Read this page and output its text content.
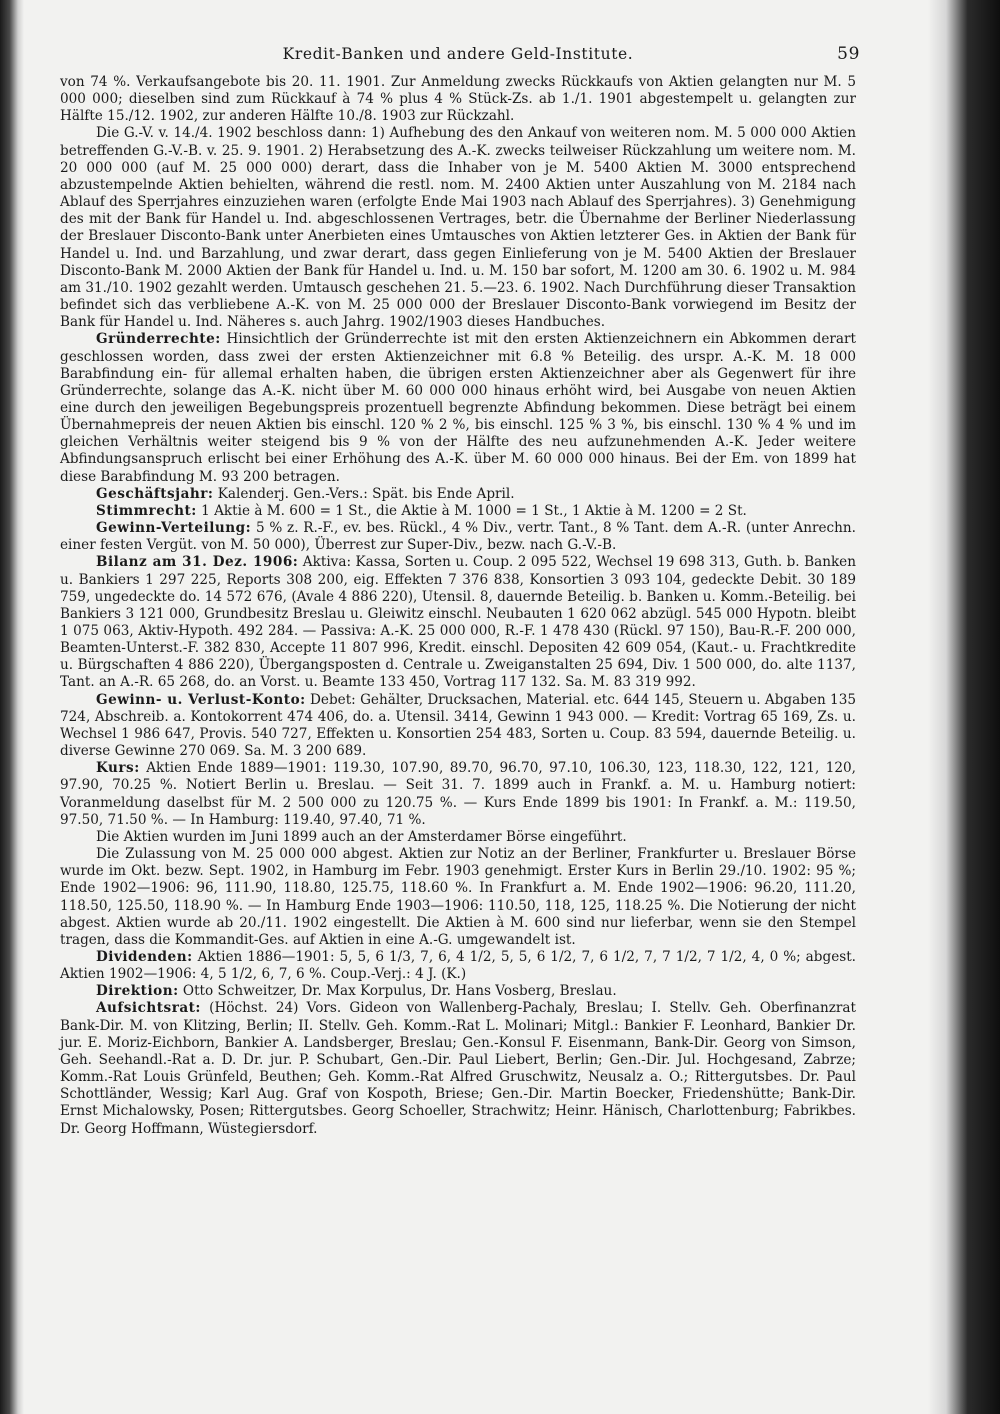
Kredit-Banken und andere Geld-Institute.	59

von 74 %. Verkaufsangebote bis 20. 11. 1901. Zur Anmeldung zwecks Rückkaufs von Aktien gelangten nur M. 5 000 000; dieselben sind zum Rückkauf à 74 % plus 4 % Stück-Zs. ab 1./1. 1901 abgestempelt u. gelangten zur Hälfte 15./12. 1902, zur anderen Hälfte 10./8. 1903 zur Rückzahl.

Die G.-V. v. 14./4. 1902 beschloss dann: 1) Aufhebung des den Ankauf von weiteren nom. M. 5 000 000 Aktien betreffenden G.-V.-B. v. 25. 9. 1901. 2) Herabsetzung des A.-K. zwecks teilweiser Rückzahlung um weitere nom. M. 20 000 000 (auf M. 25 000 000) derart, dass die Inhaber von je M. 5400 Aktien M. 3000 entsprechend abzustempelnde Aktien behielten, während die restl. nom. M. 2400 Aktien unter Auszahlung von M. 2184 nach Ablauf des Sperrjahres einzuziehen waren (erfolgte Ende Mai 1903 nach Ablauf des Sperrjahres). 3) Genehmigung des mit der Bank für Handel u. Ind. abgeschlossenen Vertrages, betr. die Übernahme der Berliner Niederlassung der Breslauer Disconto-Bank unter Anerbieten eines Umtausches von Aktien letzterer Ges. in Aktien der Bank für Handel u. Ind. und Barzahlung, und zwar derart, dass gegen Einlieferung von je M. 5400 Aktien der Breslauer Disconto-Bank M. 2000 Aktien der Bank für Handel u. Ind. u. M. 150 bar sofort, M. 1200 am 30. 6. 1902 u. M. 984 am 31./10. 1902 gezahlt werden. Umtausch geschehen 21. 5.—23. 6. 1902. Nach Durchführung dieser Transaktion befindet sich das verbliebene A.-K. von M. 25 000 000 der Breslauer Disconto-Bank vorwiegend im Besitz der Bank für Handel u. Ind. Näheres s. auch Jahrg. 1902/1903 dieses Handbuches.

Gründerrechte: Hinsichtlich der Gründerrechte ist mit den ersten Aktienzeichnern ein Abkommen derart geschlossen worden, dass zwei der ersten Aktienzeichner mit 6.8 % Beteilig. des urspr. A.-K. M. 18 000 Barabfindung ein- für allemal erhalten haben, die übrigen ersten Aktienzeichner aber als Gegenwert für ihre Gründerrechte, solange das A.-K. nicht über M. 60 000 000 hinaus erhöht wird, bei Ausgabe von neuen Aktien eine durch den jeweiligen Begebungspreis prozentuell begrenzte Abfindung bekommen. Diese beträgt bei einem Übernahmepreis der neuen Aktien bis einschl. 120 % 2 %, bis einschl. 125 % 3 %, bis einschl. 130 % 4 % und im gleichen Verhältnis weiter steigend bis 9 % von der Hälfte des neu aufzunehmenden A.-K. Jeder weitere Abfindungsanspruch erlischt bei einer Erhöhung des A.-K. über M. 60 000 000 hinaus. Bei der Em. von 1899 hat diese Barabfindung M. 93 200 betragen.

Geschäftsjahr: Kalenderj. Gen.-Vers.: Spät. bis Ende April.

Stimmrecht: 1 Aktie à M. 600 = 1 St., die Aktie à M. 1000 = 1 St., 1 Aktie à M. 1200 = 2 St.

Gewinn-Verteilung: 5 % z. R.-F., ev. bes. Rückl., 4 % Div., vertr. Tant., 8 % Tant. dem A.-R. (unter Anrechn. einer festen Vergüt. von M. 50 000), Überrest zur Super-Div., bezw. nach G.-V.-B.

Bilanz am 31. Dez. 1906: Aktiva: Kassa, Sorten u. Coup. 2 095 522, Wechsel 19 698 313, Guth. b. Banken u. Bankiers 1 297 225, Reports 308 200, eig. Effekten 7 376 838, Konsortien 3 093 104, gedeckte Debit. 30 189 759, ungedeckte do. 14 572 676, (Avale 4 886 220), Utensil. 8, dauernde Beteilig. b. Banken u. Komm.-Beteilig. bei Bankiers 3 121 000, Grundbesitz Breslau u. Gleiwitz einschl. Neubauten 1 620 062 abzügl. 545 000 Hypotn. bleibt 1 075 063, Aktiv-Hypoth. 492 284. — Passiva: A.-K. 25 000 000, R.-F. 1 478 430 (Rückl. 97 150), Bau-R.-F. 200 000, Beamten-Unterst.-F. 382 830, Accepte 11 807 996, Kredit. einschl. Depositen 42 609 054, (Kaut.- u. Frachtkredite u. Bürgschaften 4 886 220), Übergangsposten d. Centrale u. Zweiganstalten 25 694, Div. 1 500 000, do. alte 1137, Tant. an A.-R. 65 268, do. an Vorst. u. Beamte 133 450, Vortrag 117 132. Sa. M. 83 319 992.

Gewinn- u. Verlust-Konto: Debet: Gehälter, Drucksachen, Material. etc. 644 145, Steuern u. Abgaben 135 724, Abschreib. a. Kontokorrent 474 406, do. a. Utensil. 3414, Gewinn 1 943 000. — Kredit: Vortrag 65 169, Zs. u. Wechsel 1 986 647, Provis. 540 727, Effekten u. Konsortien 254 483, Sorten u. Coup. 83 594, dauernde Beteilig. u. diverse Gewinne 270 069. Sa. M. 3 200 689.

Kurs: Aktien Ende 1889—1901: 119.30, 107.90, 89.70, 96.70, 97.10, 106.30, 123, 118.30, 122, 121, 120, 97.90, 70.25 %. Notiert Berlin u. Breslau. — Seit 31. 7. 1899 auch in Frankf. a. M. u. Hamburg notiert: Voranmeldung daselbst für M. 2 500 000 zu 120.75 %. — Kurs Ende 1899 bis 1901: In Frankf. a. M.: 119.50, 97.50, 71.50 %. — In Hamburg: 119.40, 97.40, 71 %.

Die Aktien wurden im Juni 1899 auch an der Amsterdamer Börse eingeführt.

Die Zulassung von M. 25 000 000 abgest. Aktien zur Notiz an der Berliner, Frankfurter u. Breslauer Börse wurde im Okt. bezw. Sept. 1902, in Hamburg im Febr. 1903 genehmigt. Erster Kurs in Berlin 29./10. 1902: 95 %; Ende 1902—1906: 96, 111.90, 118.80, 125.75, 118.60 %. In Frankfurt a. M. Ende 1902—1906: 96.20, 111.20, 118.50, 125.50, 118.90 %. — In Hamburg Ende 1903—1906: 110.50, 118, 125, 118.25 %. Die Notierung der nicht abgest. Aktien wurde ab 20./11. 1902 eingestellt. Die Aktien à M. 600 sind nur lieferbar, wenn sie den Stempel tragen, dass die Kommandit-Ges. auf Aktien in eine A.-G. umgewandelt ist.

Dividenden: Aktien 1886—1901: 5, 5, 6 1/3, 7, 6, 4 1/2, 5, 5, 6 1/2, 7, 6 1/2, 7, 7 1/2, 7 1/2, 4, 0 %; abgest. Aktien 1902—1906: 4, 5 1/2, 6, 7, 6 %. Coup.-Verj.: 4 J. (K.)

Direktion: Otto Schweitzer, Dr. Max Korpulus, Dr. Hans Vosberg, Breslau.

Aufsichtsrat: (Höchst. 24) Vors. Gideon von Wallenberg-Pachaly, Breslau; I. Stellv. Geh. Oberfinanzrat Bank-Dir. M. von Klitzing, Berlin; II. Stellv. Geh. Komm.-Rat L. Molinari; Mitgl.: Bankier F. Leonhard, Bankier Dr. jur. E. Moriz-Eichborn, Bankier A. Landsberger, Breslau; Gen.-Konsul F. Eisenmann, Bank-Dir. Georg von Simson, Geh. Seehandl.-Rat a. D. Dr. jur. P. Schubart, Gen.-Dir. Paul Liebert, Berlin; Gen.-Dir. Jul. Hochgesand, Zabrze; Komm.-Rat Louis Grünfeld, Beuthen; Geh. Komm.-Rat Alfred Gruschwitz, Neusalz a. O.; Rittergutsbes. Dr. Paul Schottländer, Wessig; Karl Aug. Graf von Kospoth, Briese; Gen.-Dir. Martin Boecker, Friedenshütte; Bank-Dir. Ernst Michalowsky, Posen; Rittergutsbes. Georg Schoeller, Strachwitz; Heinr. Hänisch, Charlottenburg; Fabrikbes. Dr. Georg Hoffmann, Wüstegiersdorf.
